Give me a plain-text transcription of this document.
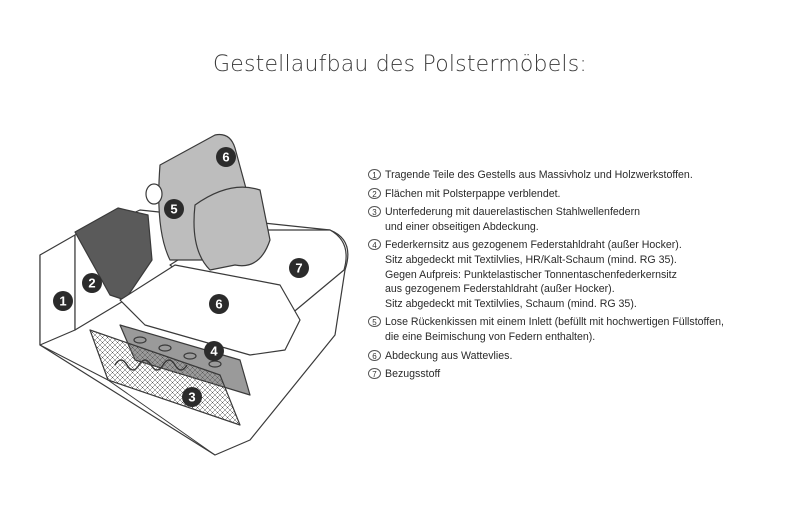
Gestellaufbau des Polstermöbels:
1
2
3
4
5
6
6
7
1 Tragende Teile des Gestells aus Massivholz und Holzwerkstoffen.
2 Flächen mit Polsterpappe verblendet.
3 Unterfederung mit dauerelastischen Stahlwellenfedern
und einer obseitigen Abdeckung.
4 Federkernsitz aus gezogenem Federstahldraht (außer Hocker).
Sitz abgedeckt mit Textilvlies, HR/Kalt-Schaum (mind. RG 35).
Gegen Aufpreis: Punktelastischer Tonnentaschenfederkernsitz
aus gezogenem Federstahldraht (außer Hocker).
Sitz abgedeckt mit Textilvlies, Schaum (mind. RG 35).
5 Lose Rückenkissen mit einem Inlett (befüllt mit hochwertigen Füllstoffen,
die eine Beimischung von Federn enthalten).
6 Abdeckung aus Wattevlies.
7 Bezugsstoff
